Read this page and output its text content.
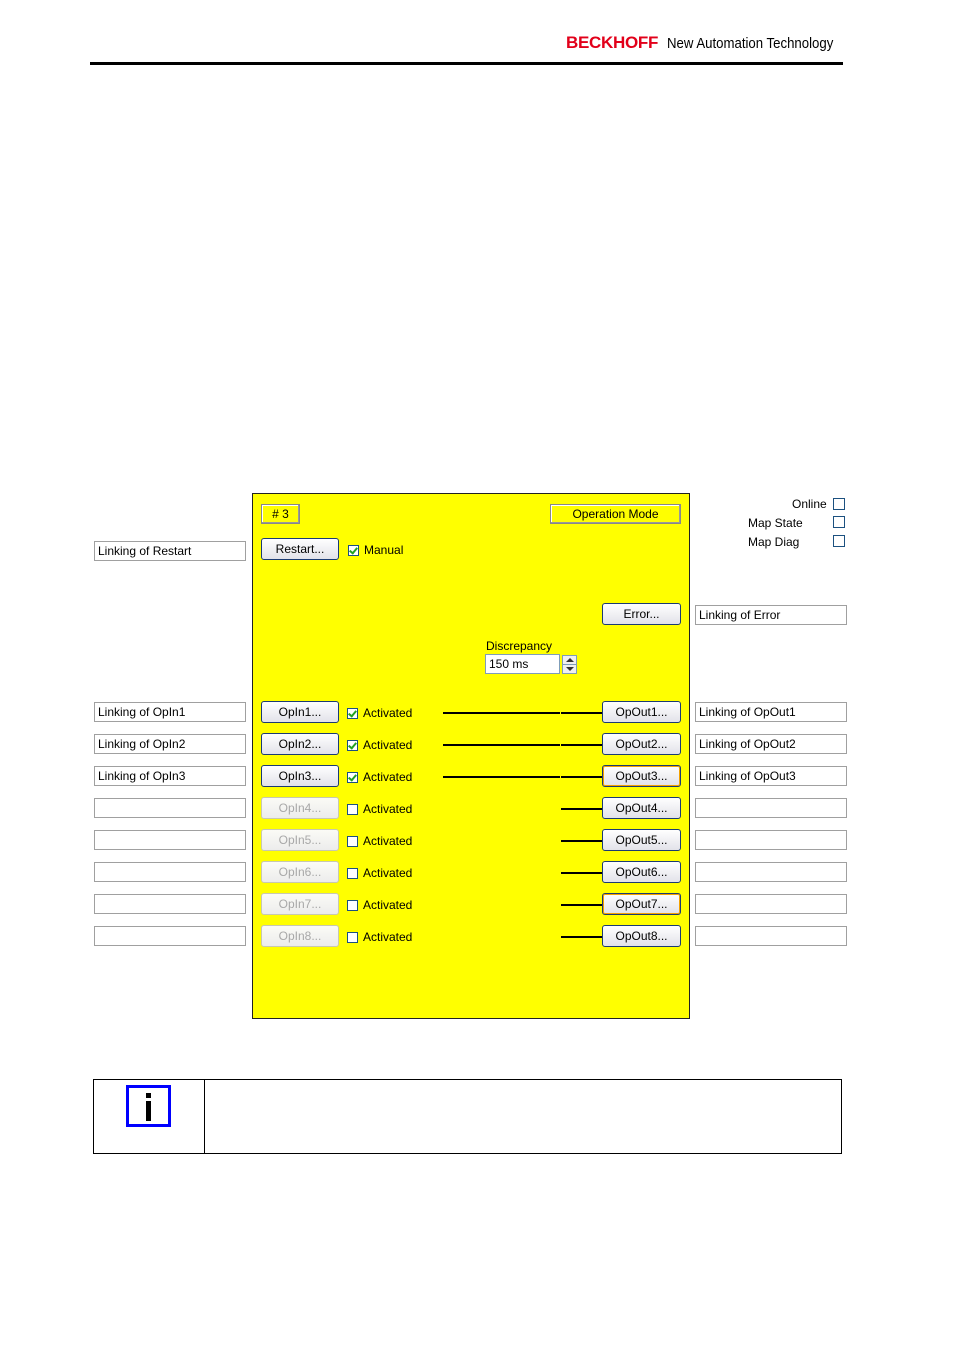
BECKHOFF New Automation Technology
# 3	Operation Mode
Linking of Restart	Restart...	Manual
Online
Map State
Map Diag
Error...	Linking of Error
Discrepancy
150 ms
Linking of OpIn1	OpIn1...	Activated	OpOut1...	Linking of OpOut1
Linking of OpIn2	OpIn2...	Activated	OpOut2...	Linking of OpOut2
Linking of OpIn3	OpIn3...	Activated	OpOut3...	Linking of OpOut3
OpIn4...	Activated	OpOut4...
OpIn5...	Activated	OpOut5...
OpIn6...	Activated	OpOut6...
OpIn7...	Activated	OpOut7...
OpIn8...	Activated	OpOut8...
